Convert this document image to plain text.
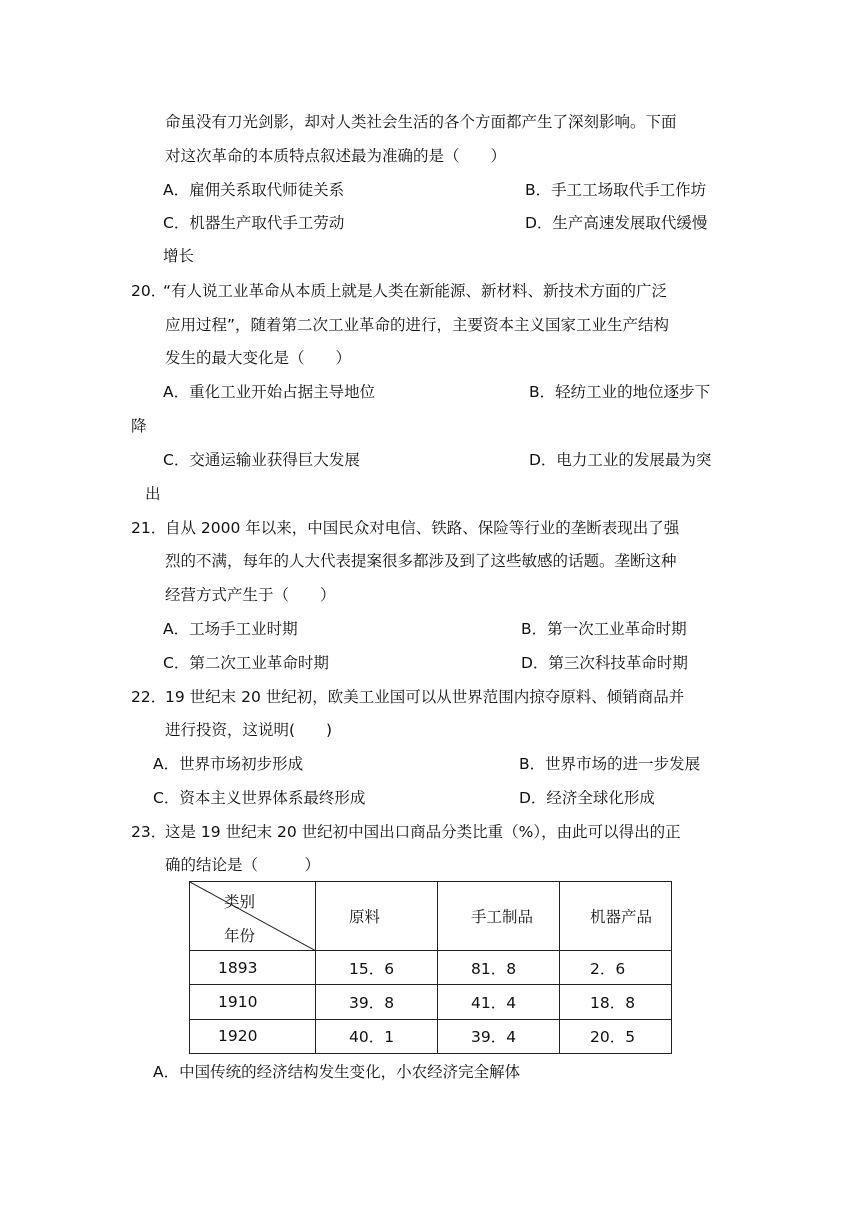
命虽没有刀光剑影，却对人类社会生活的各个方面都产生了深刻影响。下面
对这次革命的本质特点叙述最为准确的是（　　）
A．雇佣关系取代师徒关系	B．手工工场取代手工作坊
C．机器生产取代手工劳动	D．生产高速发展取代缓慢
增长
20．
“有人说工业革命从本质上就是人类在新能源、新材料、新技术方面的广泛
应用过程”，随着第二次工业革命的进行，主要资本主义国家工业生产结构
发生的最大变化是（　　）
A．重化工业开始占据主导地位	B．轻纺工业的地位逐步下
降
C．交通运输业获得巨大发展	D．电力工业的发展最为突
出
21．
自从 2000 年以来，中国民众对电信、铁路、保险等行业的垄断表现出了强
烈的不满，每年的人大代表提案很多都涉及到了这些敏感的话题。垄断这种
经营方式产生于（　　）
A．工场手工业时期	B．第一次工业革命时期
C．第二次工业革命时期	D．第三次科技革命时期
22．
19 世纪末 20 世纪初，欧美工业国可以从世界范围内掠夺原料、倾销商品并
进行投资，这说明(　　)
A．世界市场初步形成	B．世界市场的进一步发展
C．资本主义世界体系最终形成	D．经济全球化形成
23．
这是 19 世纪末 20 世纪初中国出口商品分类比重（%），由此可以得出的正
确的结论是（　　　）
类别
年份	原料	手工制品	机器产品
1893	15．6	81．8	2．6
1910	39．8	41．4	18．8
1920	40．1	39．4	20．5
A．中国传统的经济结构发生变化，小农经济完全解体
